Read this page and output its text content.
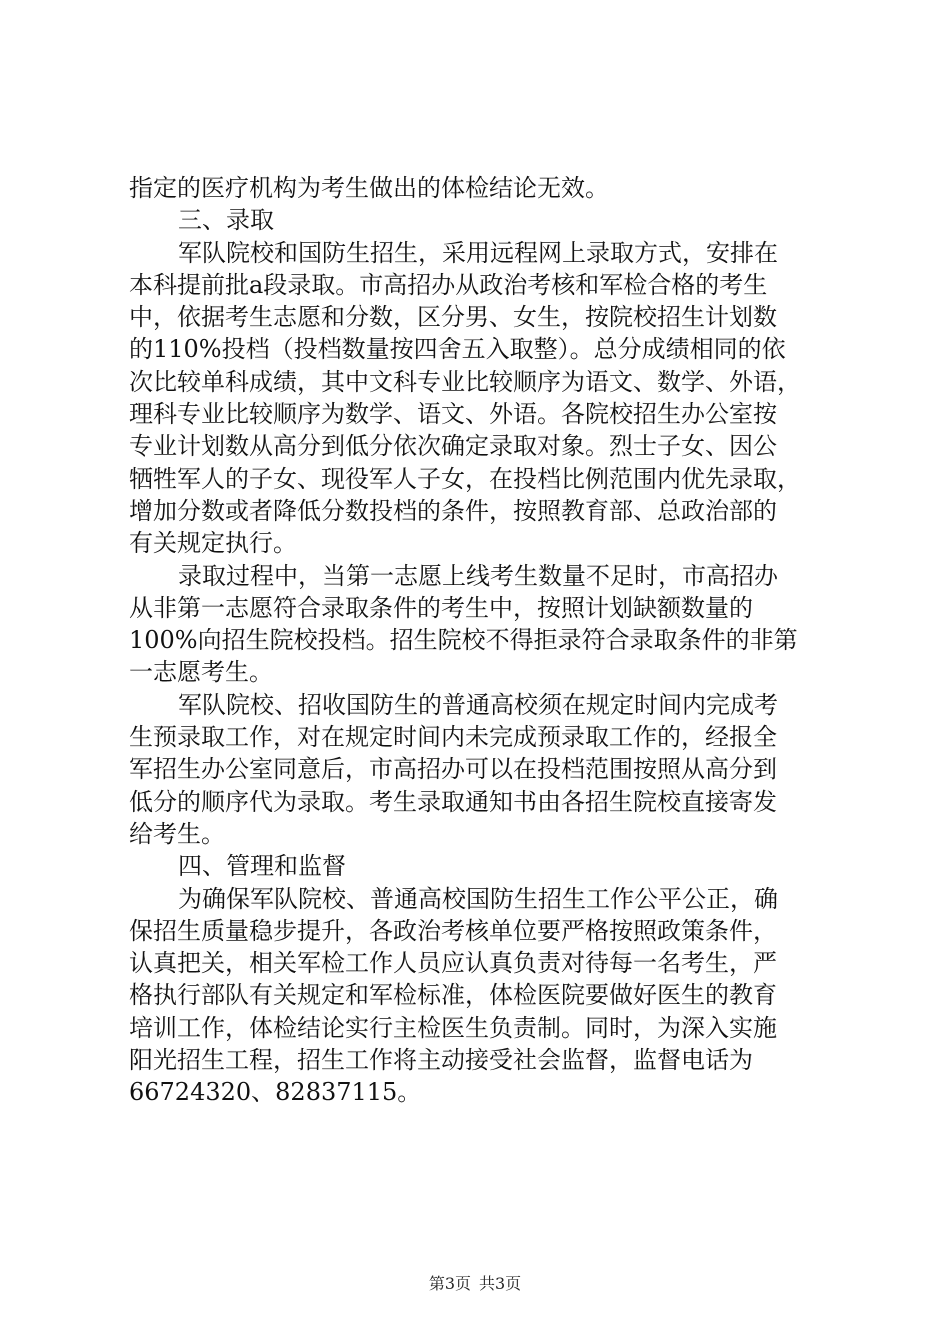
指定的医疗机构为考生做出的体检结论无效。
三、录取
军队院校和国防生招生，采用远程网上录取方式，安排在
本科提前批a段录取。市高招办从政治考核和军检合格的考生
中，依据考生志愿和分数，区分男、女生，按院校招生计划数
的110%投档（投档数量按四舍五入取整）。总分成绩相同的依
次比较单科成绩，其中文科专业比较顺序为语文、数学、外语，
理科专业比较顺序为数学、语文、外语。各院校招生办公室按
专业计划数从高分到低分依次确定录取对象。烈士子女、因公
牺牲军人的子女、现役军人子女，在投档比例范围内优先录取，
增加分数或者降低分数投档的条件，按照教育部、总政治部的
有关规定执行。
录取过程中，当第一志愿上线考生数量不足时，市高招办
从非第一志愿符合录取条件的考生中，按照计划缺额数量的
100%向招生院校投档。招生院校不得拒录符合录取条件的非第
一志愿考生。
军队院校、招收国防生的普通高校须在规定时间内完成考
生预录取工作，对在规定时间内未完成预录取工作的，经报全
军招生办公室同意后，市高招办可以在投档范围按照从高分到
低分的顺序代为录取。考生录取通知书由各招生院校直接寄发
给考生。
四、管理和监督
为确保军队院校、普通高校国防生招生工作公平公正，确
保招生质量稳步提升，各政治考核单位要严格按照政策条件，
认真把关，相关军检工作人员应认真负责对待每一名考生，严
格执行部队有关规定和军检标准，体检医院要做好医生的教育
培训工作，体检结论实行主检医生负责制。同时，为深入实施
阳光招生工程，招生工作将主动接受社会监督，监督电话为
66724320、82837115。
第3页 共3页
